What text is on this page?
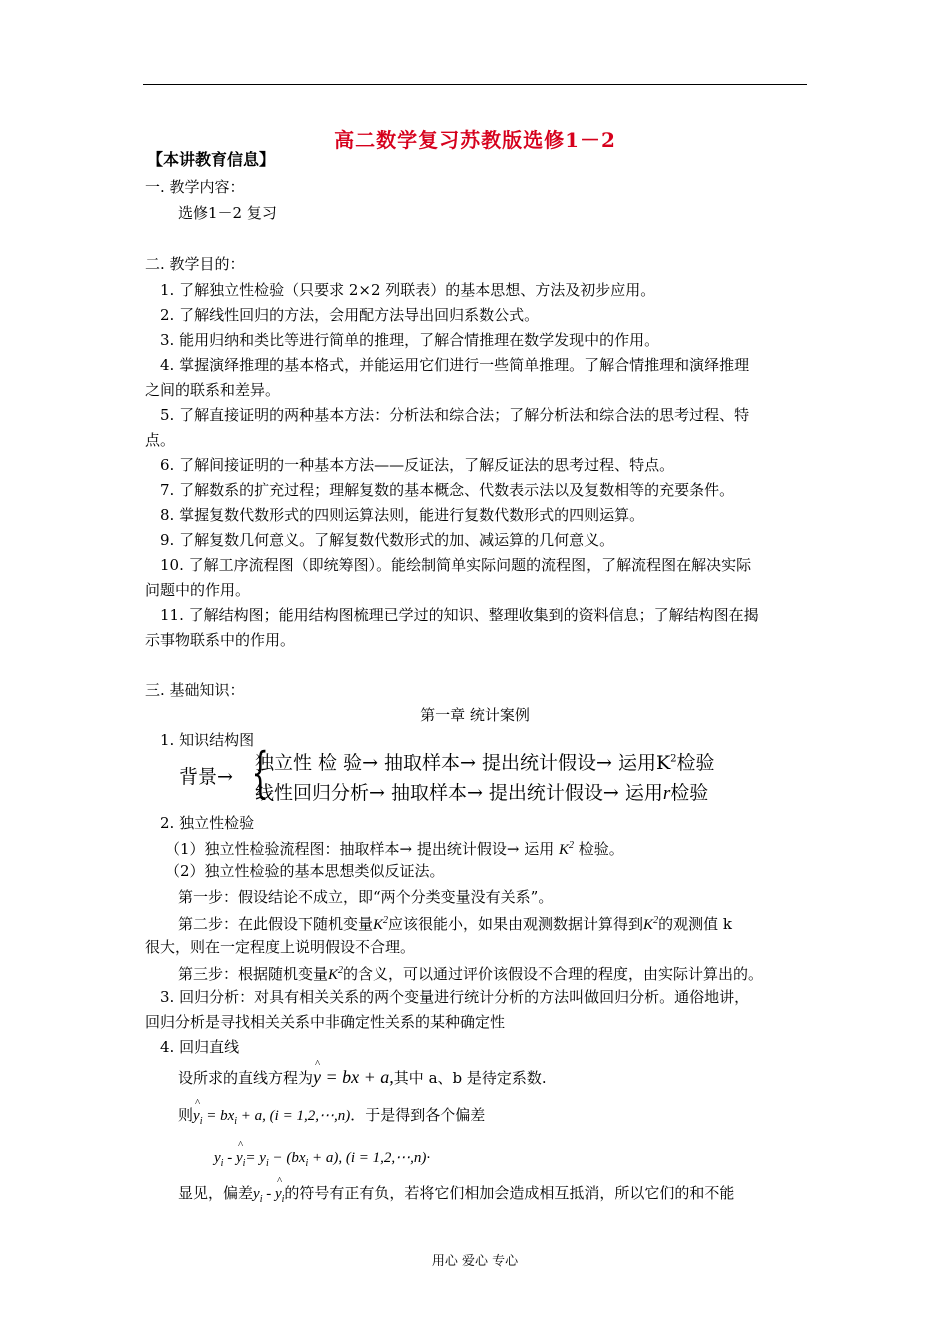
高二数学复习苏教版选修1－2
【本讲教育信息】
一. 教学内容：
选修1－2 复习
二. 教学目的：
1. 了解独立性检验（只要求 2×2 列联表）的基本思想、方法及初步应用。
2. 了解线性回归的方法，会用配方法导出回归系数公式。
3. 能用归纳和类比等进行简单的推理，了解合情推理在数学发现中的作用。
4. 掌握演绎推理的基本格式，并能运用它们进行一些简单推理。了解合情推理和演绎推理
之间的联系和差异。
5. 了解直接证明的两种基本方法：分析法和综合法；了解分析法和综合法的思考过程、特
点。
6. 了解间接证明的一种基本方法——反证法，了解反证法的思考过程、特点。
7. 了解数系的扩充过程；理解复数的基本概念、代数表示法以及复数相等的充要条件。
8. 掌握复数代数形式的四则运算法则，能进行复数代数形式的四则运算。
9. 了解复数几何意义。了解复数代数形式的加、减运算的几何意义。
10. 了解工序流程图（即统筹图）。能绘制简单实际问题的流程图，了解流程图在解决实际
问题中的作用。
11. 了解结构图；能用结构图梳理已学过的知识、整理收集到的资料信息；了解结构图在揭
示事物联系中的作用。
三. 基础知识：
第一章 统计案例
1. 知识结构图
背景→ {
独立性 检 验→ 抽取样本→ 提出统计假设→ 运用$K^2$检验
线性回归分析→ 抽取样本→ 提出统计假设→ 运用r检验
2. 独立性检验
（1）独立性检验流程图：抽取样本→ 提出统计假设→ 运用 $K^2$ 检验。
（2）独立性检验的基本思想类似反证法。
第一步：假设结论不成立，即“两个分类变量没有关系”。
第二步：在此假设下随机变量$K^2$应该很能小，如果由观测数据计算得到$K^2$的观测值 k
很大，则在一定程度上说明假设不合理。
第三步：根据随机变量$K^2$的含义，可以通过评价该假设不合理的程度，由实际计算出的。
3. 回归分析：对具有相关关系的两个变量进行统计分析的方法叫做回归分析。通俗地讲，
回归分析是寻找相关关系中非确定性关系的某种确定性
4. 回归直线
设所求的直线方程为^ y = bx + a,其中 a、b 是待定系数.
则^ $y_i = bx_i + a$, (i = 1,2,⋯,n)．于是得到各个偏差
$y_i$ - ^ $y_i= y_i - (bx_i + a)$, (i = 1,2,⋯,n)·
显见，偏差$y_i$ - ^ $y_i$的符号有正有负，若将它们相加会造成相互抵消，所以它们的和不能
用心 爱心 专心
